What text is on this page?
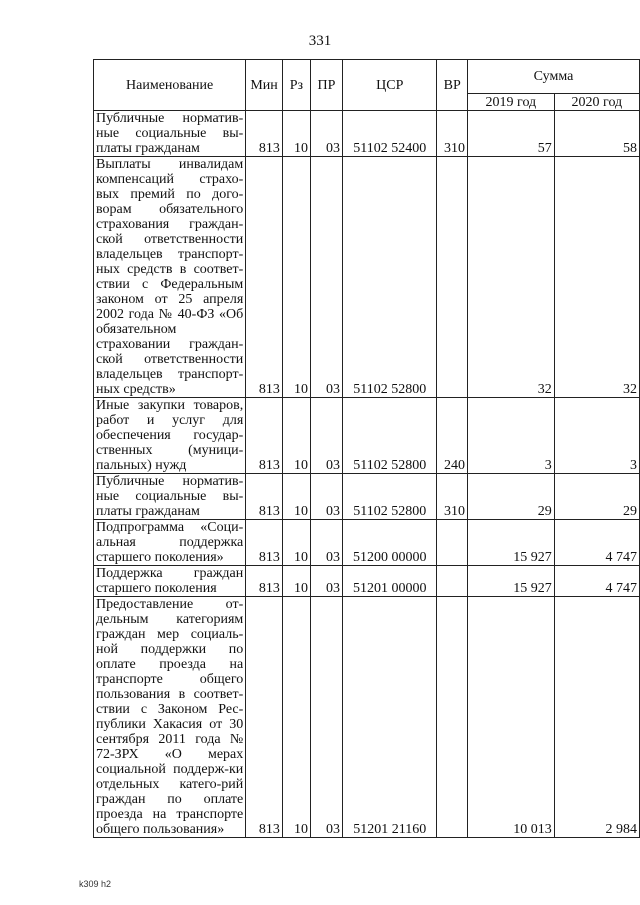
331
Наименование	Мин	Рз	ПР	ЦСР	ВР	Сумма	
						2019 год	2020 год
Публичные норматив-ные социальные вы-платы гражданам	813	10	03	51102 52400	310	57	58
Выплаты инвалидам компенсаций страхо-вых премий по дого-ворам обязательного страхования граждан-ской ответственности владельцев транспорт-ных средств в соответ-ствии с Федеральным законом от 25 апреля 2002 года № 40-ФЗ «Об обязательном страховании граждан-ской ответственности владельцев транспорт-ных средств»	813	10	03	51102 52800		32	32
Иные закупки товаров, работ и услуг для обеспечения государ-ственных (муници-пальных) нужд	813	10	03	51102 52800	240	3	3
Публичные норматив-ные социальные вы-платы гражданам	813	10	03	51102 52800	310	29	29
Подпрограмма «Соци-альная поддержка старшего поколения»	813	10	03	51200 00000		15 927	4 747
Поддержка граждан старшего поколения	813	10	03	51201 00000		15 927	4 747
Предоставление от-дельным категориям граждан мер социаль-ной поддержки по оплате проезда на транспорте общего пользования в соответ-ствии с Законом Рес-публики Хакасия от 30 сентября 2011 года № 72-ЗРХ «О мерах социальной поддерж-ки отдельных катего-рий граждан по оплате проезда на транспорте общего пользования»	813	10	03	51201 21160		10 013	2 984
k309 h2
